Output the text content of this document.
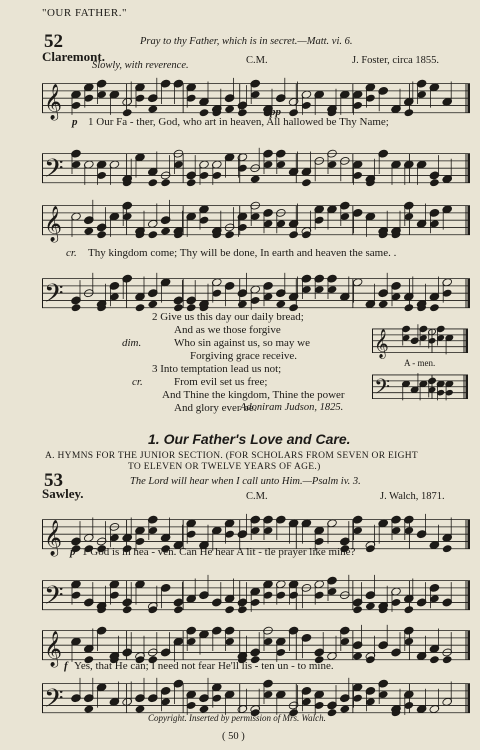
"OUR FATHER."
52
Claremont.
Pray to thy Father, which is in secret.—Matt. vi. 6.
Slowly, with reverence.	C.M.	J. Foster, circa 1855.
𝄞	pp
p 1 Our Fa - ther, God, who art in heaven, All hallowed be Thy Name;
𝄢
𝄞
cr. Thy kingdom come; Thy will be done, In earth and heaven the same. .
𝄢
2 Give us this day our daily bread;
And as we those forgive
dim.	Who sin against us, so may we
Forgiving grace receive.
3 Into temptation lead us not;
cr.	From evil set us free;
And Thine the kingdom, Thine the power
And glory ever be.
Adoniram Judson, 1825.
𝄞
A - men.
𝄢
1. Our Father's Love and Care.
A. HYMNS FOR THE JUNIOR SECTION. (FOR SCHOLARS FROM SEVEN OR EIGHT
TO ELEVEN OR TWELVE YEARS OF AGE.)
53
Sawley.
The Lord will hear when I call unto Him.—Psalm iv. 3.
C.M.	J. Walch, 1871.
𝄞 p 1 God is in hea - ven. Can He hear A lit - tle prayer like mine?
𝄢
𝄞 f Yes, that He can; I need not fear He'll lis - ten un - to mine.
𝄢	Copyright. Inserted by permission of Mrs. Walch.
( 50 )
